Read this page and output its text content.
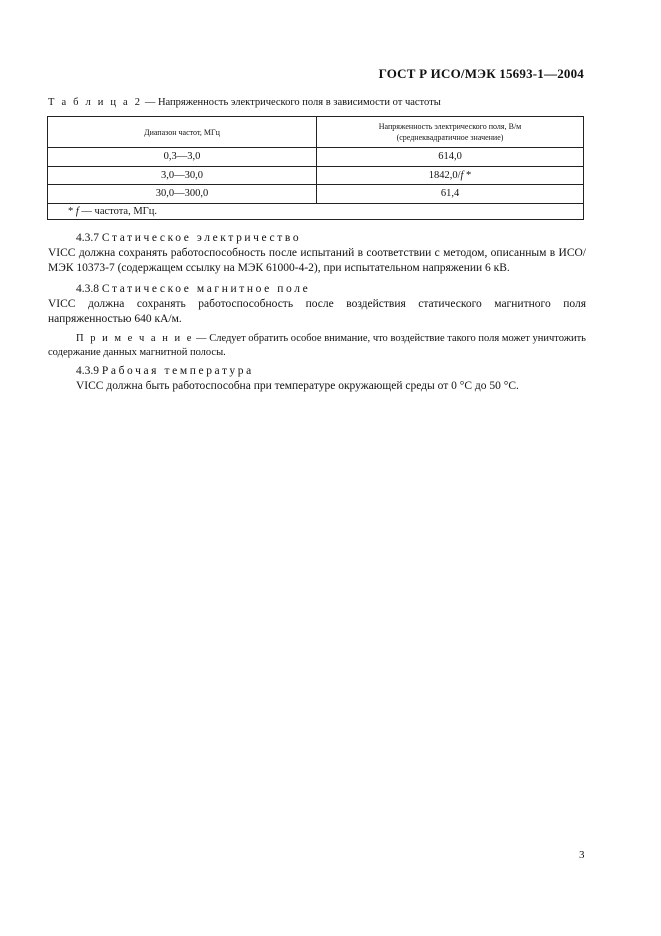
ГОСТ Р ИСО/МЭК 15693-1—2004
Т а б л и ц а 2 — Напряженность электрического поля в зависимости от частоты
Диапазон частот, МГц	Напряженность электрического поля, В/м
(среднеквадратичное значение)
0,3—3,0	614,0
3,0—30,0	1842,0/f *
30,0—300,0	61,4
* f — частота, МГц.	

4.3.7 Статическое электричество

VICC должна сохранять работоспособность после испытаний в соответствии с методом, описанным в ИСО/МЭК 10373-7 (содержащем ссылку на МЭК 61000-4-2), при испытательном напряжении 6 кВ.

4.3.8 Статическое магнитное поле

VICC должна сохранять работоспособность после воздействия статического магнитного поля напряженностью 640 кА/м.

П р и м е ч а н и е — Следует обратить особое внимание, что воздействие такого поля может уничтожить содержание данных магнитной полосы.

4.3.9 Рабочая температура

VICC должна быть работоспособна при температуре окружающей среды от 0 °С до 50 °С.

3
